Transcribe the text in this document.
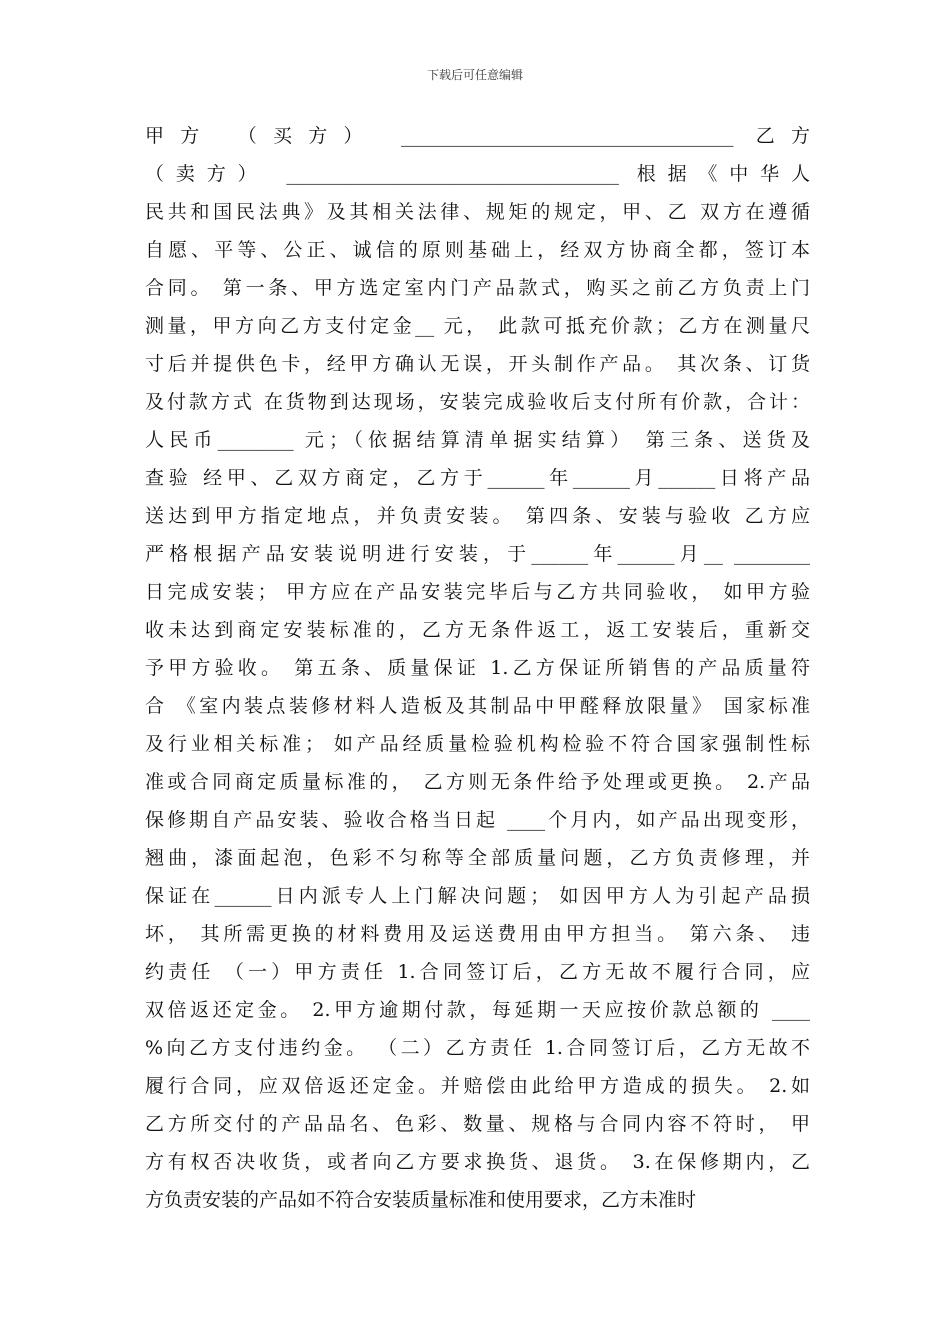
下载后可任意编辑
甲方 （买方） ___________________________________ 乙方
（卖方） ___________________________________ 根据《中华人
民共和国民法典》及其相关法律、规矩的规定，甲、乙 双方在遵循
自愿、平等、公正、诚信的原则基础上，经双方协商全都，签订本
合同。 第一条、甲方选定室内门产品款式，购买之前乙方负责上门
测量，甲方向乙方支付定金__ 元， 此款可抵充价款；乙方在测量尺
寸后并提供色卡，经甲方确认无误，开头制作产品。 其次条、订货
及付款方式 在货物到达现场，安装完成验收后支付所有价款，合计：
人民币________ 元；（依据结算清单据实结算） 第三条、送货及
查验 经甲、乙双方商定，乙方于______年______月______日将产品
送达到甲方指定地点，并负责安装。 第四条、安装与验收 乙方应
严格根据产品安装说明进行安装，于______年______月__ ________
日完成安装； 甲方应在产品安装完毕后与乙方共同验收， 如甲方验
收未达到商定安装标准的，乙方无条件返工，返工安装后，重新交
予甲方验收。 第五条、质量保证 1.乙方保证所销售的产品质量符
合 《室内装点装修材料人造板及其制品中甲醛释放限量》 国家标准
及行业相关标准； 如产品经质量检验机构检验不符合国家强制性标
准或合同商定质量标准的， 乙方则无条件给予处理或更换。 2.产品
保修期自产品安装、验收合格当日起 ____个月内，如产品出现变形，
翘曲，漆面起泡，色彩不匀称等全部质量问题，乙方负责修理，并
保证在______日内派专人上门解决问题； 如因甲方人为引起产品损
坏， 其所需更换的材料费用及运送费用由甲方担当。 第六条、 违
约责任 （一）甲方责任 1.合同签订后，乙方无故不履行合同，应
双倍返还定金。 2.甲方逾期付款，每延期一天应按价款总额的 ____
%向乙方支付违约金。 （二）乙方责任 1.合同签订后，乙方无故不
履行合同，应双倍返还定金。并赔偿由此给甲方造成的损失。 2.如
乙方所交付的产品品名、色彩、数量、规格与合同内容不符时， 甲
方有权否决收货，或者向乙方要求换货、退货。 3.在保修期内，乙
方负责安装的产品如不符合安装质量标准和使用要求，乙方未准时
